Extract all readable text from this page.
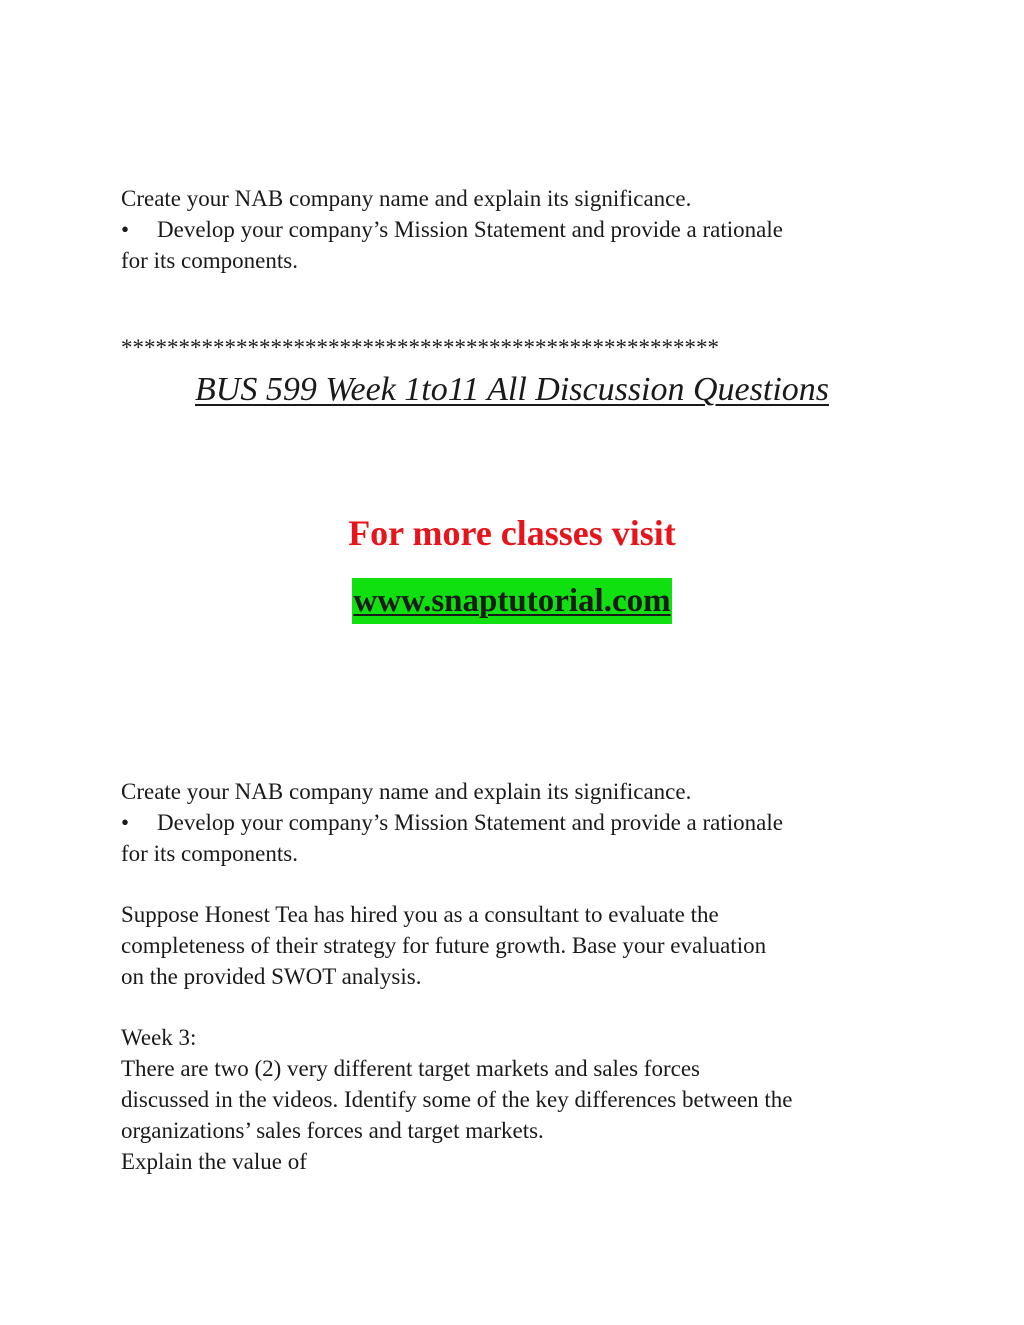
Create your NAB company name and explain its significance.
• Develop your company’s Mission Statement and provide a rationale
for its components.
****************************************************
BUS 599 Week 1to11 All Discussion Questions
For more classes visit
www.snaptutorial.com
Create your NAB company name and explain its significance.
• Develop your company’s Mission Statement and provide a rationale
for its components.
Suppose Honest Tea has hired you as a consultant to evaluate the
completeness of their strategy for future growth. Base your evaluation
on the provided SWOT analysis.
Week 3:
There are two (2) very different target markets and sales forces
discussed in the videos. Identify some of the key differences between the
organizations’ sales forces and target markets.
Explain the value of
